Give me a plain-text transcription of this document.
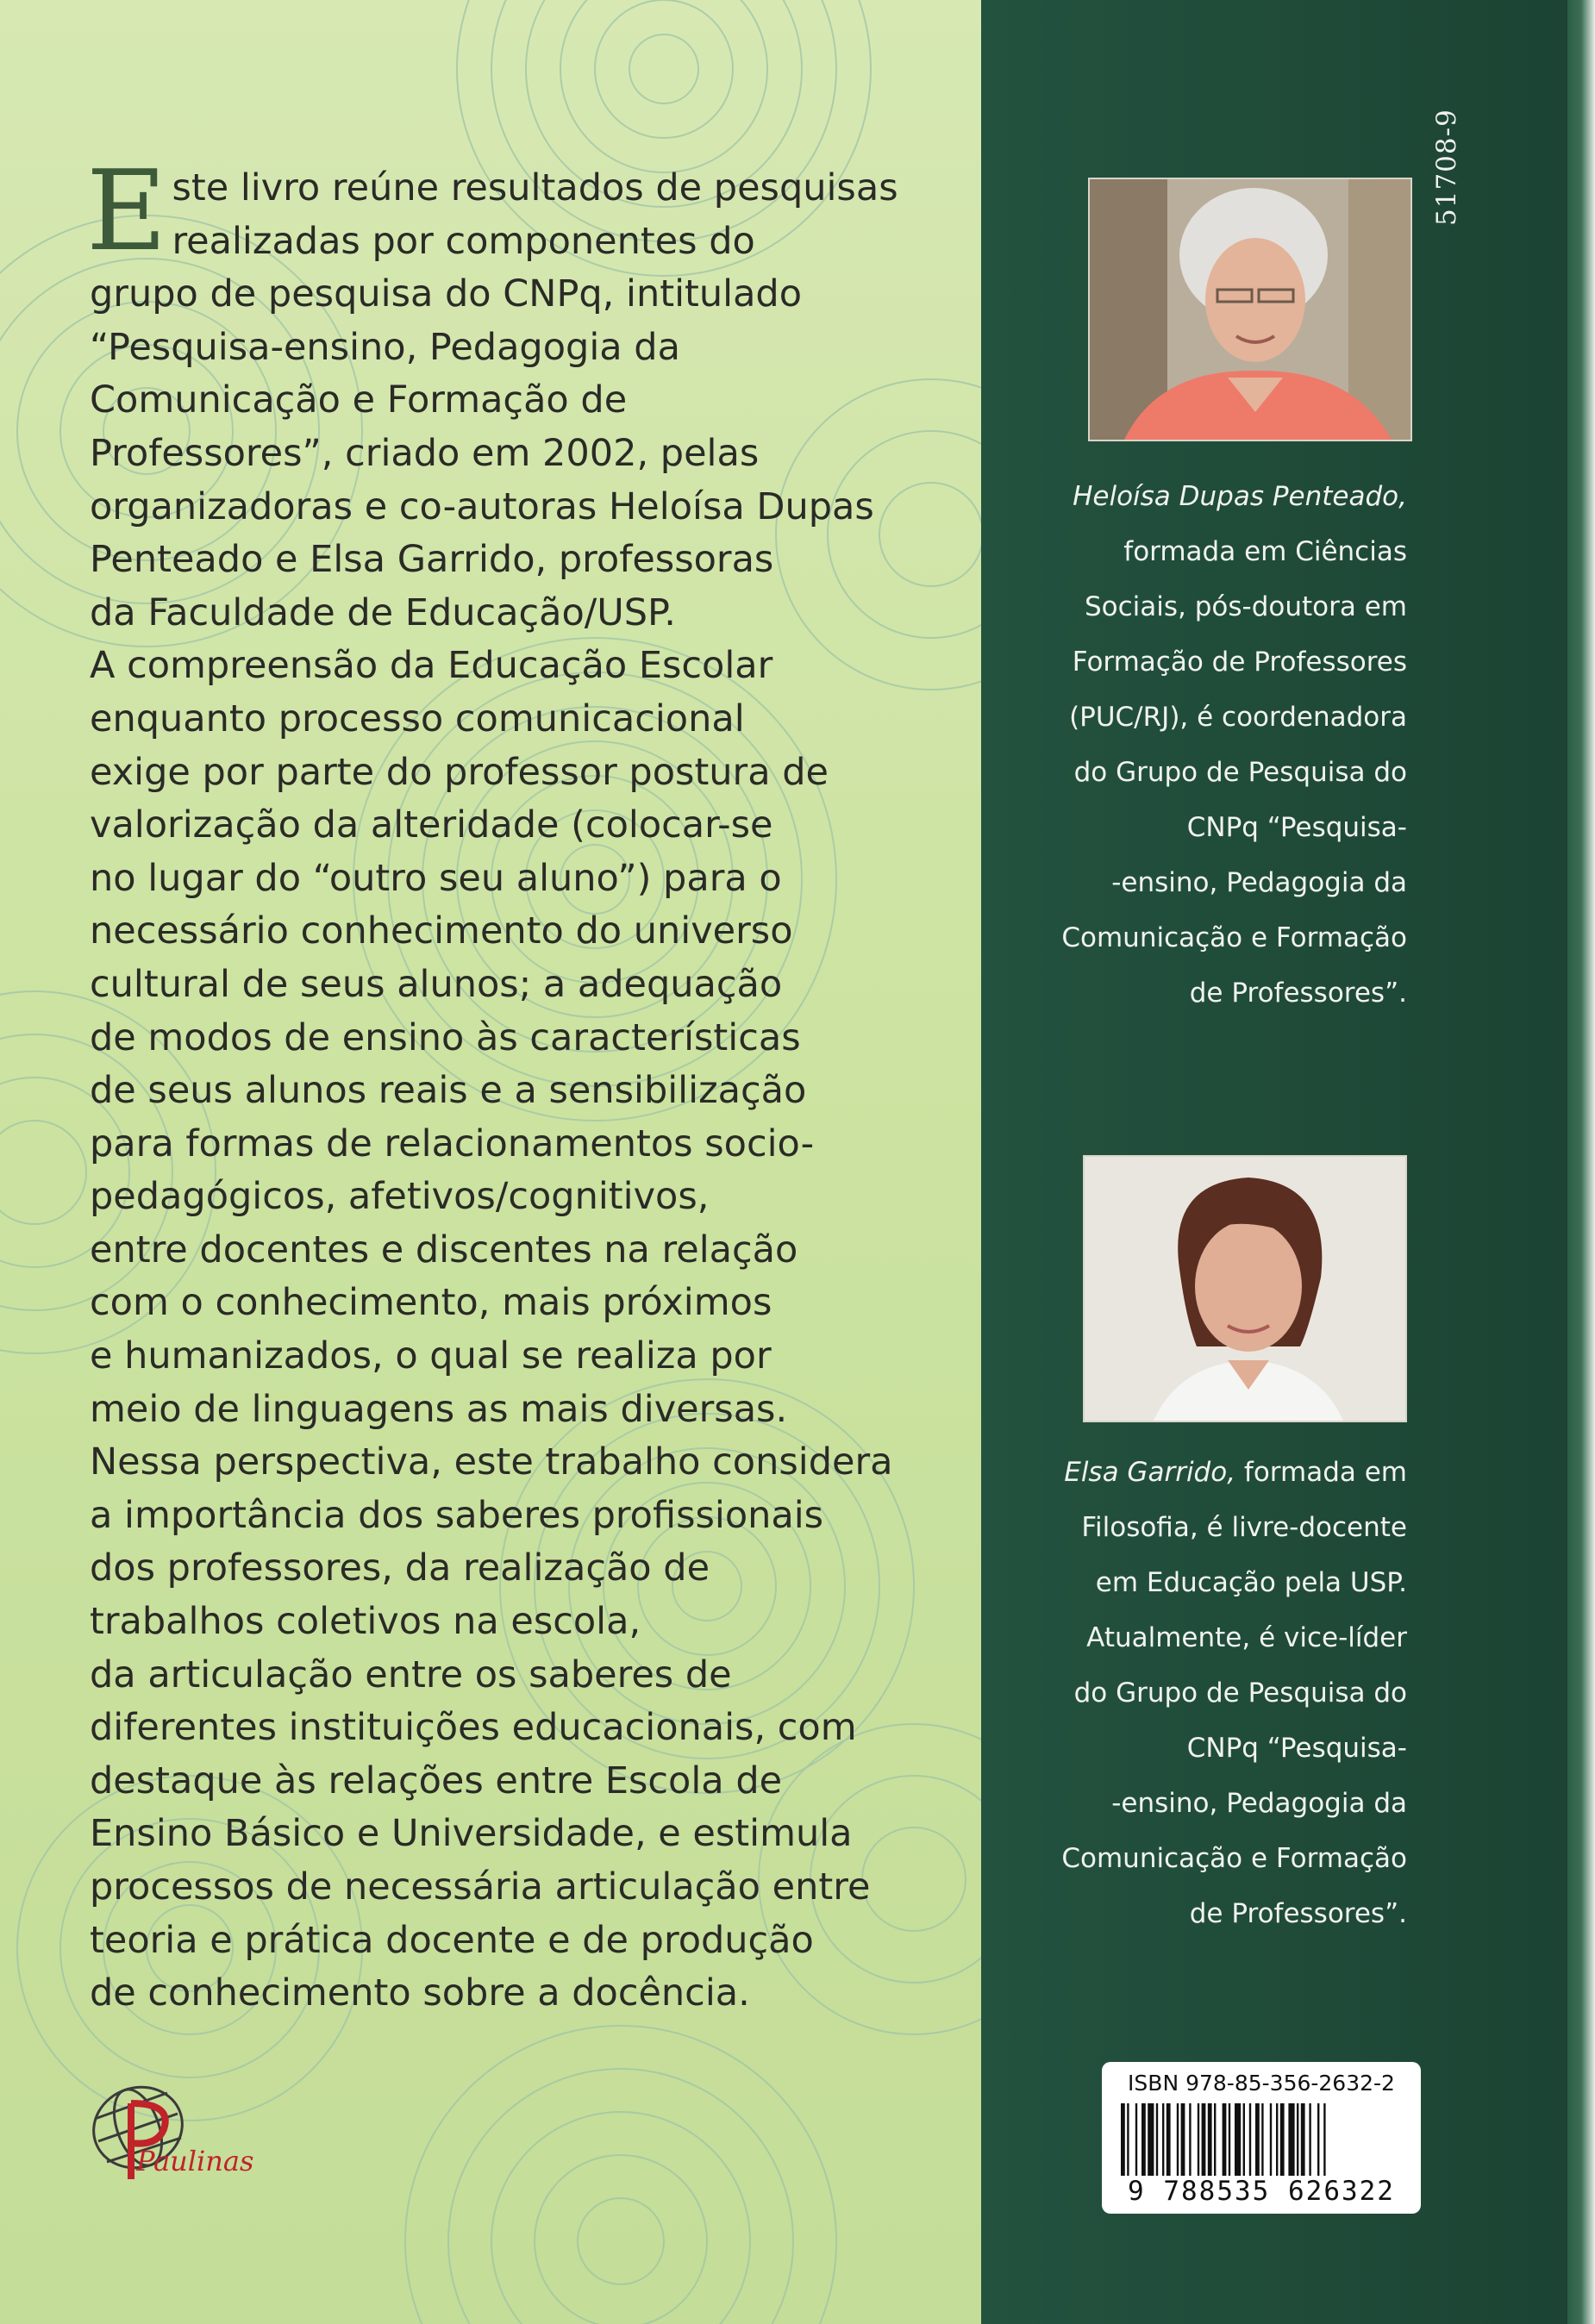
E ste livro reúne resultados de pesquisas
realizadas por componentes do
grupo de pesquisa do CNPq, intitulado
“Pesquisa-ensino, Pedagogia da
Comunicação e Formação de
Professores”, criado em 2002, pelas
organizadoras e co-autoras Heloísa Dupas
Penteado e Elsa Garrido, professoras
da Faculdade de Educação/USP.

A compreensão da Educação Escolar
enquanto processo comunicacional
exige por parte do professor postura de
valorização da alteridade (colocar-se
no lugar do “outro seu aluno”) para o
necessário conhecimento do universo
cultural de seus alunos; a adequação
de modos de ensino às características
de seus alunos reais e a sensibilização
para formas de relacionamentos socio-
pedagógicos, afetivos/cognitivos,
entre docentes e discentes na relação
com o conhecimento, mais próximos
e humanizados, o qual se realiza por
meio de linguagens as mais diversas.

Nessa perspectiva, este trabalho considera
a importância dos saberes profissionais
dos professores, da realização de
trabalhos coletivos na escola,
da articulação entre os saberes de
diferentes instituições educacionais, com
destaque às relações entre Escola de
Ensino Básico e Universidade, e estimula
processos de necessária articulação entre
teoria e prática docente e de produção
de conhecimento sobre a docência.

Paulinas
51708-9
Heloísa Dupas Penteado,
formada em Ciências
Sociais, pós-doutora em
Formação de Professores
(PUC/RJ), é coordenadora
do Grupo de Pesquisa do
CNPq “Pesquisa-
-ensino, Pedagogia da
Comunicação e Formação
de Professores”.
Elsa Garrido, formada em
Filosofia, é livre-docente
em Educação pela USP.
Atualmente, é vice-líder
do Grupo de Pesquisa do
CNPq “Pesquisa-
-ensino, Pedagogia da
Comunicação e Formação
de Professores”.
ISBN 978-85-356-2632-2
9 788535 626322
